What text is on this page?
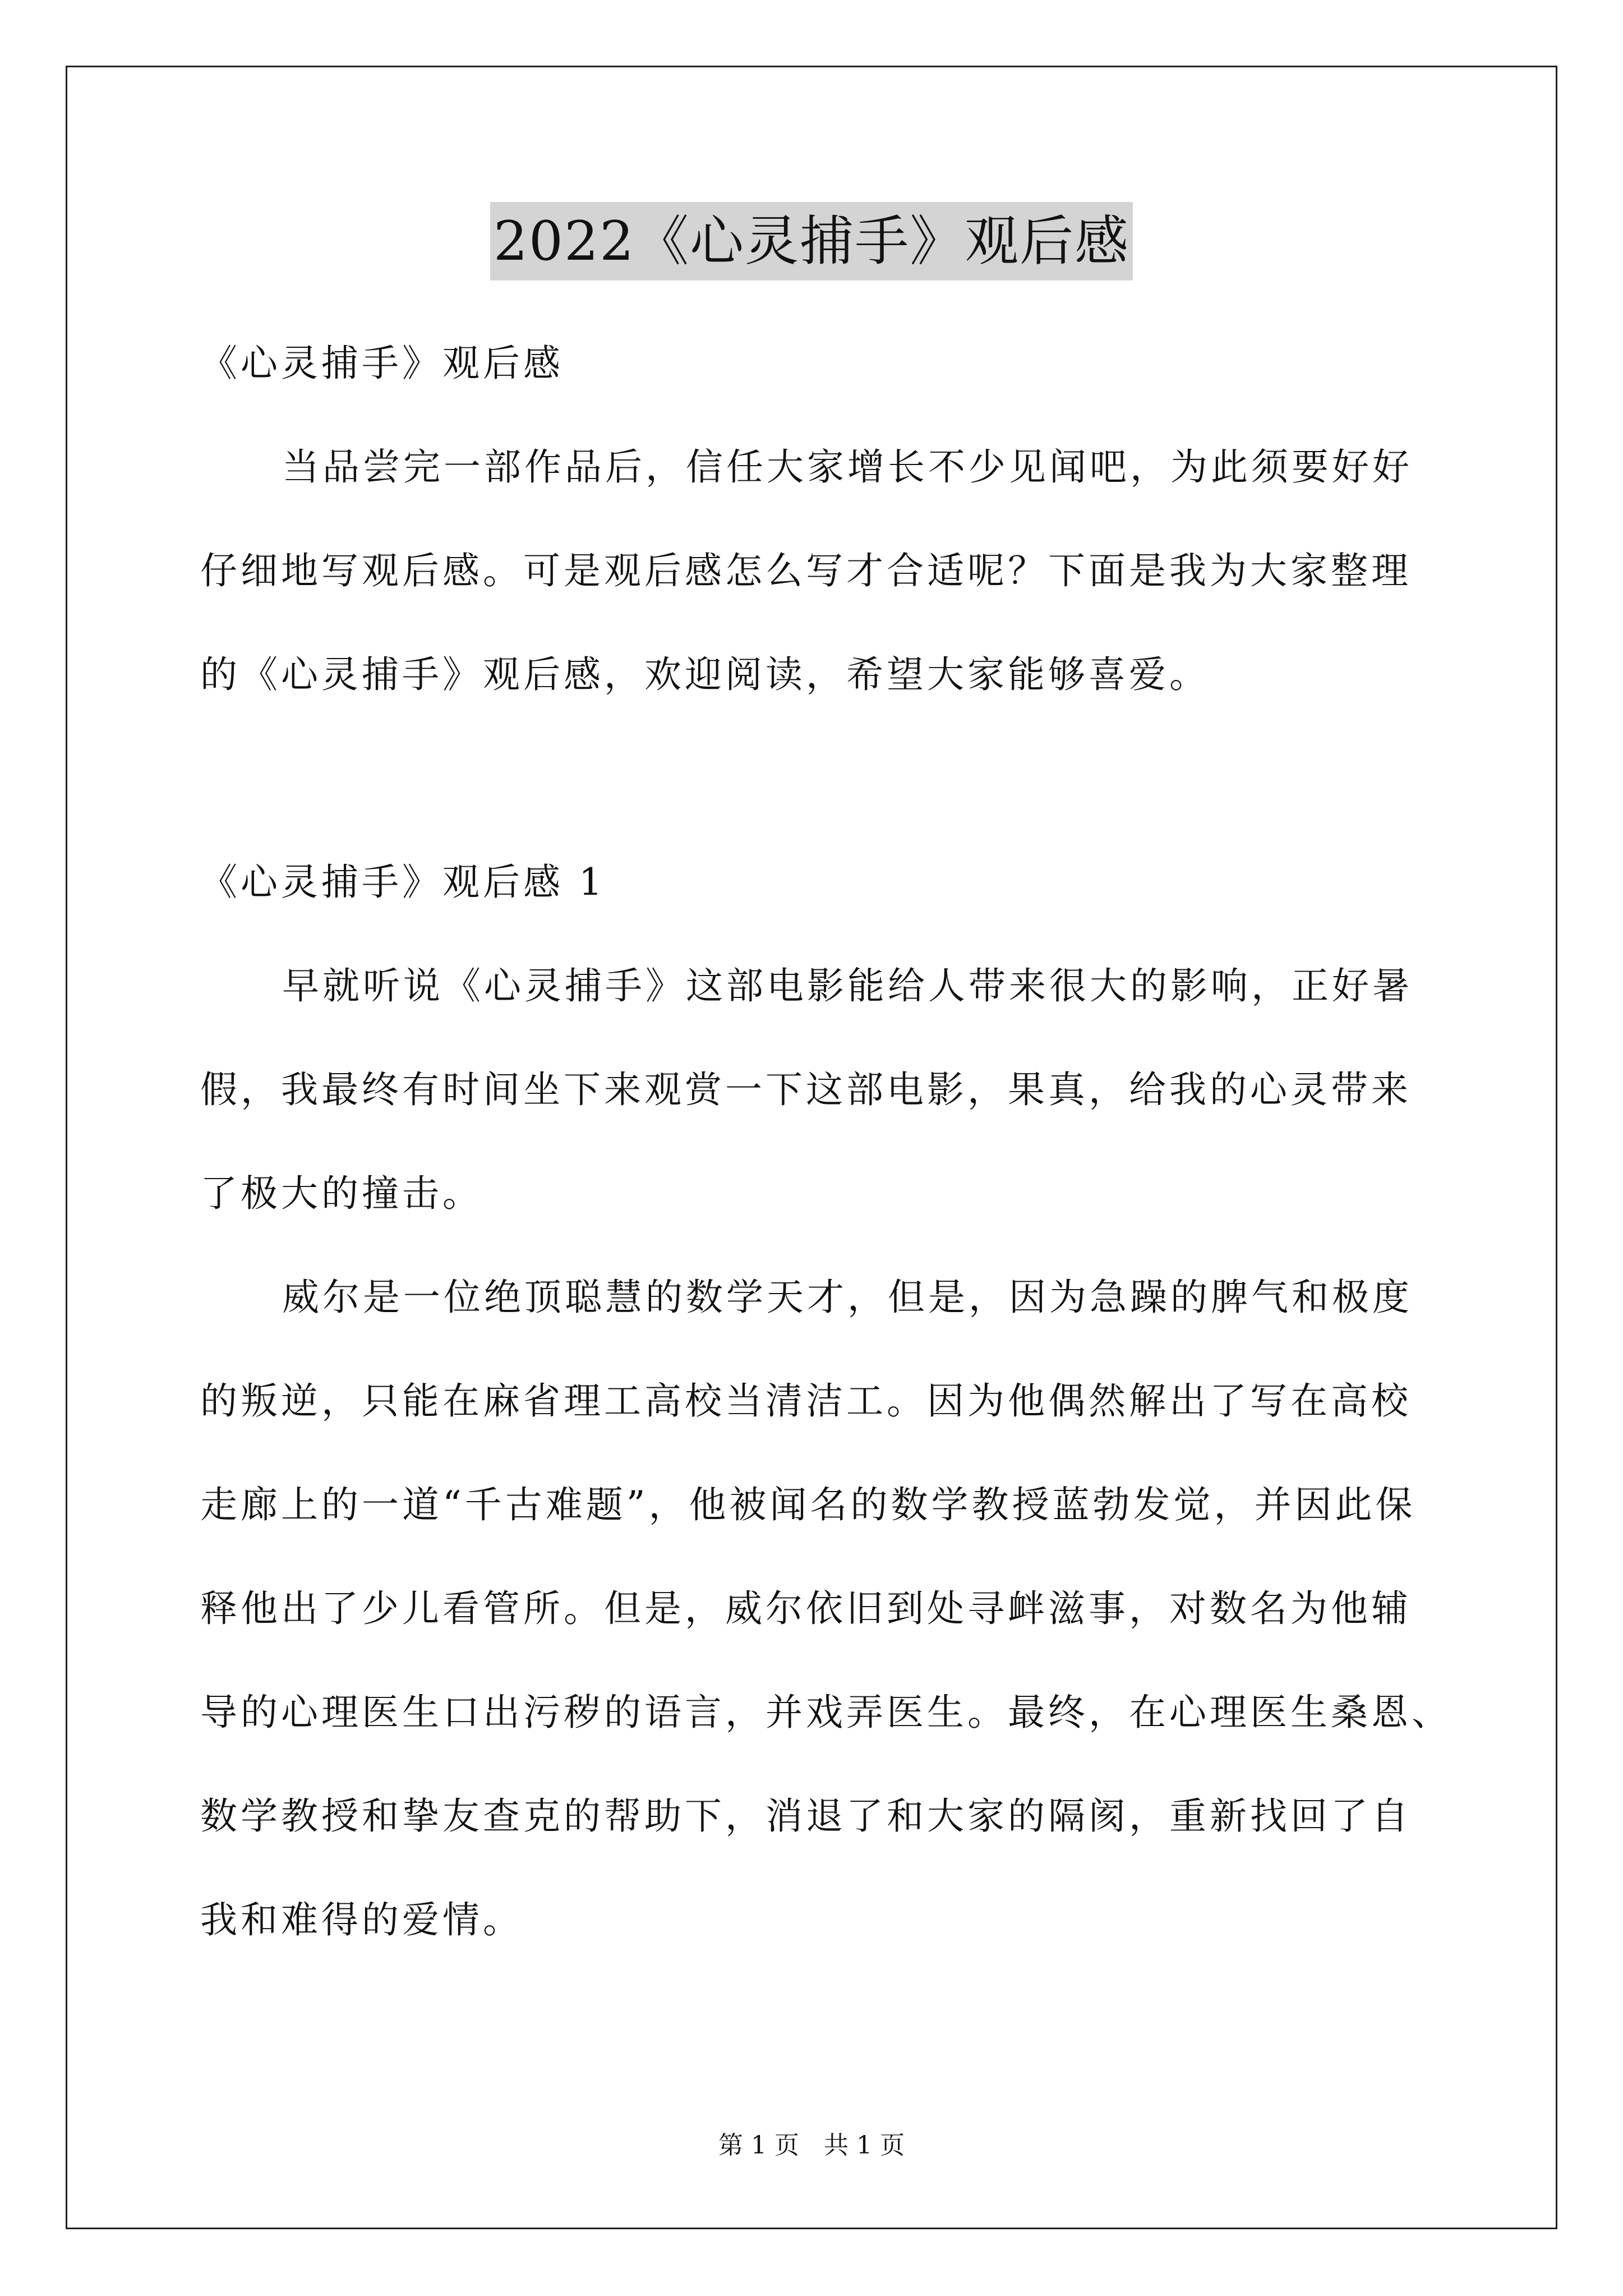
2022《心灵捕手》观后感
《心灵捕手》观后感
当品尝完一部作品后，信任大家增长不少见闻吧，为此须要好好
仔细地写观后感。可是观后感怎么写才合适呢？下面是我为大家整理
的《心灵捕手》观后感，欢迎阅读，希望大家能够喜爱。
《心灵捕手》观后感 1
早就听说《心灵捕手》这部电影能给人带来很大的影响，正好暑
假，我最终有时间坐下来观赏一下这部电影，果真，给我的心灵带来
了极大的撞击。
威尔是一位绝顶聪慧的数学天才，但是，因为急躁的脾气和极度
的叛逆，只能在麻省理工高校当清洁工。因为他偶然解出了写在高校
走廊上的一道“千古难题”，他被闻名的数学教授蓝勃发觉，并因此保
释他出了少儿看管所。但是，威尔依旧到处寻衅滋事，对数名为他辅
导的心理医生口出污秽的语言，并戏弄医生。最终，在心理医生桑恩、
数学教授和挚友查克的帮助下，消退了和大家的隔阂，重新找回了自
我和难得的爱情。
第 1 页　共 1 页
